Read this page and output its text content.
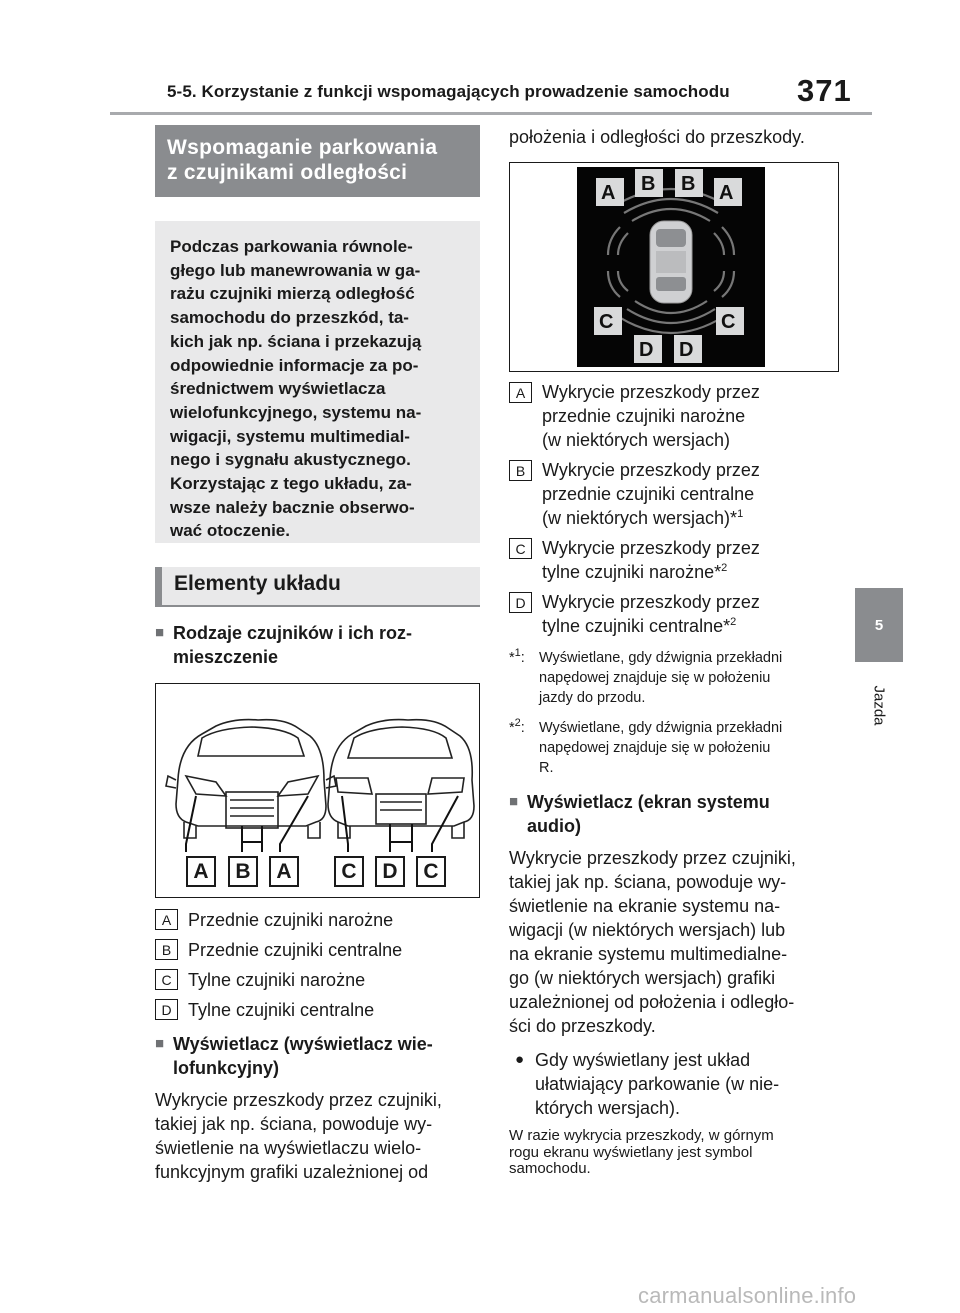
5-5. Korzystanie z funkcji wspomagających prowadzenie samochodu 371
5
Jazda
Wspomaganie parkowania
z czujnikami odległości
Podczas parkowania równole-
głego lub manewrowania w ga-
rażu czujniki mierzą odległość
samochodu do przeszkód, ta-
kich jak np. ściana i przekazują
odpowiednie informacje za po-
średnictwem wyświetlacza
wielofunkcyjnego, systemu na-
wigacji, systemu multimedial-
nego i sygnału akustycznego.
Korzystając z tego układu, za-
wsze należy bacznie obserwo-
wać otoczenie.
Elementy układu
■ Rodzaje czujników i ich roz-
mieszczenie
A	B	A	C	D	C
A Przednie czujniki narożne
B Przednie czujniki centralne
C Tylne czujniki narożne
D Tylne czujniki centralne
■ Wyświetlacz (wyświetlacz wie-
lofunkcyjny)
Wykrycie przeszkody przez czujniki,
takiej jak np. ściana, powoduje wy-
świetlenie na wyświetlaczu wielo-
funkcyjnym grafiki uzależnionej od
położenia i odległości do przeszkody.
A B B A
C	C
D D
A Wykrycie przeszkody przez
przednie czujniki narożne
(w niektórych wersjach)
B Wykrycie przeszkody przez
przednie czujniki centralne
(w niektórych wersjach)*$^1$
C Wykrycie przeszkody przez
tylne czujniki narożne*$^2$
D Wykrycie przeszkody przez
tylne czujniki centralne*$^2$
*$^1$: Wyświetlane, gdy dźwignia przekładni
napędowej znajduje się w położeniu
jazdy do przodu.
*$^2$: Wyświetlane, gdy dźwignia przekładni
napędowej znajduje się w położeniu
R.
■ Wyświetlacz (ekran systemu
audio)
Wykrycie przeszkody przez czujniki,
takiej jak np. ściana, powoduje wy-
świetlenie na ekranie systemu na-
wigacji (w niektórych wersjach) lub
na ekranie systemu multimedialne-
go (w niektórych wersjach) grafiki
uzależnionej od położenia i odległo-
ści do przeszkody.
● Gdy wyświetlany jest układ
ułatwiający parkowanie (w nie-
których wersjach).
W razie wykrycia przeszkody, w górnym
rogu ekranu wyświetlany jest symbol
samochodu.
carmanualsonline.info
